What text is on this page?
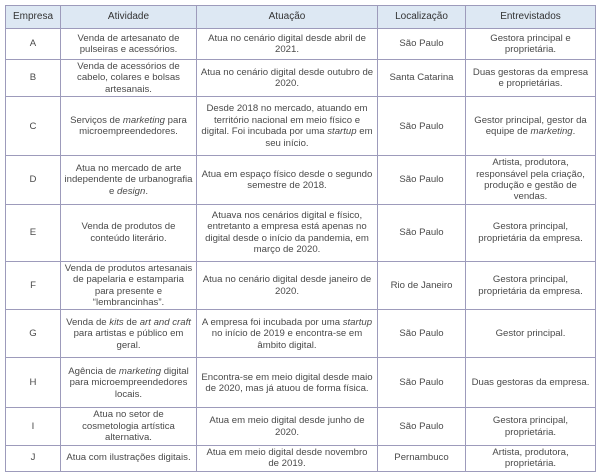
Empresa	Atividade	Atuação	Localização	Entrevistados
A	Venda de artesanato de pulseiras e acessórios.	Atua no cenário digital desde abril de 2021.	São Paulo	Gestora principal e proprietária.
B	Venda de acessórios de cabelo, colares e bolsas artesanais.	Atua no cenário digital desde outubro de 2020.	Santa Catarina	Duas gestoras da empresa e proprietárias.
C	Serviços de marketing para microempreendedores.	Desde 2018 no mercado, atuando em território nacional em meio físico e digital. Foi incubada por uma startup em seu início.	São Paulo	Gestor principal, gestor da equipe de marketing.
D	Atua no mercado de arte independente de urbanografia e design.	Atua em espaço físico desde o segundo semestre de 2018.	São Paulo	Artista, produtora, responsável pela criação, produção e gestão de vendas.
E	Venda de produtos de conteúdo literário.	Atuava nos cenários digital e físico, entretanto a empresa está apenas no digital desde o início da pandemia, em março de 2020.	São Paulo	Gestora principal, proprietária da empresa.
F	Venda de produtos artesanais de papelaria e estamparia para presente e “lembrancinhas”.	Atua no cenário digital desde janeiro de 2020.	Rio de Janeiro	Gestora principal, proprietária da empresa.
G	Venda de kits de art and craft para artistas e público em geral.	A empresa foi incubada por uma startup no início de 2019 e encontra-se em âmbito digital.	São Paulo	Gestor principal.
H	Agência de marketing digital para microempreendedores locais.	Encontra-se em meio digital desde maio de 2020, mas já atuou de forma física.	São Paulo	Duas gestoras da empresa.
I	Atua no setor de cosmetologia artística alternativa.	Atua em meio digital desde junho de 2020.	São Paulo	Gestora principal, proprietária.
J	Atua com ilustrações digitais.	Atua em meio digital desde novembro de 2019.	Pernambuco	Artista, produtora, proprietária.
